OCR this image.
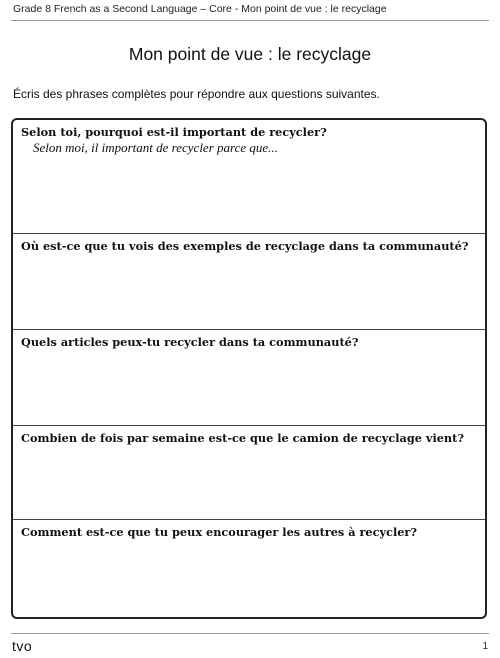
Grade 8 French as a Second Language – Core - Mon point de vue : le recyclage
Mon point de vue : le recyclage
Écris des phrases complètes pour répondre aux questions suivantes.
Selon toi, pourquoi est-il important de recycler?
Selon moi, il important de recycler parce que...
Où est-ce que tu vois des exemples de recyclage dans ta communauté?
Quels articles peux-tu recycler dans ta communauté?
Combien de fois par semaine est-ce que le camion de recyclage vient?
Comment est-ce que tu peux encourager les autres à recycler?
tvo	1
